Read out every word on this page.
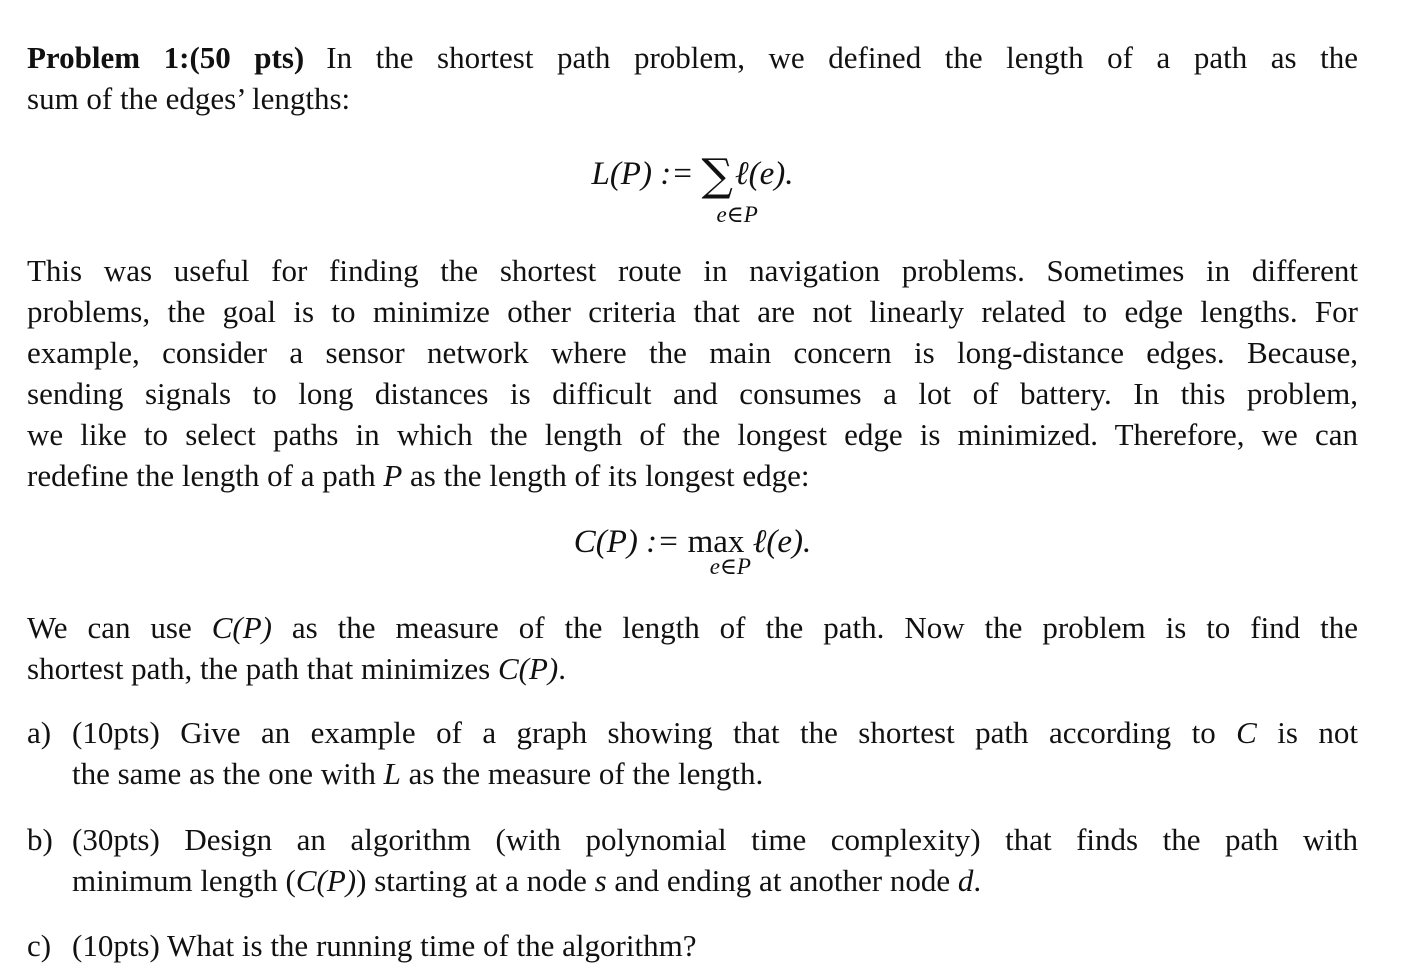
Problem 1:(50 pts) In the shortest path problem, we defined the length of a path as the
sum of the edges’ lengths:
L(P) := ∑ℓ(e).
e∈P
This was useful for finding the shortest route in navigation problems. Sometimes in different
problems, the goal is to minimize other criteria that are not linearly related to edge lengths. For
example, consider a sensor network where the main concern is long-distance edges. Because,
sending signals to long distances is difficult and consumes a lot of battery. In this problem,
we like to select paths in which the length of the longest edge is minimized. Therefore, we can
redefine the length of a path P as the length of its longest edge:
C(P) := max ℓ(e).
e∈P
We can use C(P) as the measure of the length of the path. Now the problem is to find the
shortest path, the path that minimizes C(P).
a) (10pts) Give an example of a graph showing that the shortest path according to C is not
the same as the one with L as the measure of the length.
b) (30pts) Design an algorithm (with polynomial time complexity) that finds the path with
minimum length (C(P)) starting at a node s and ending at another node d.
c) (10pts) What is the running time of the algorithm?
